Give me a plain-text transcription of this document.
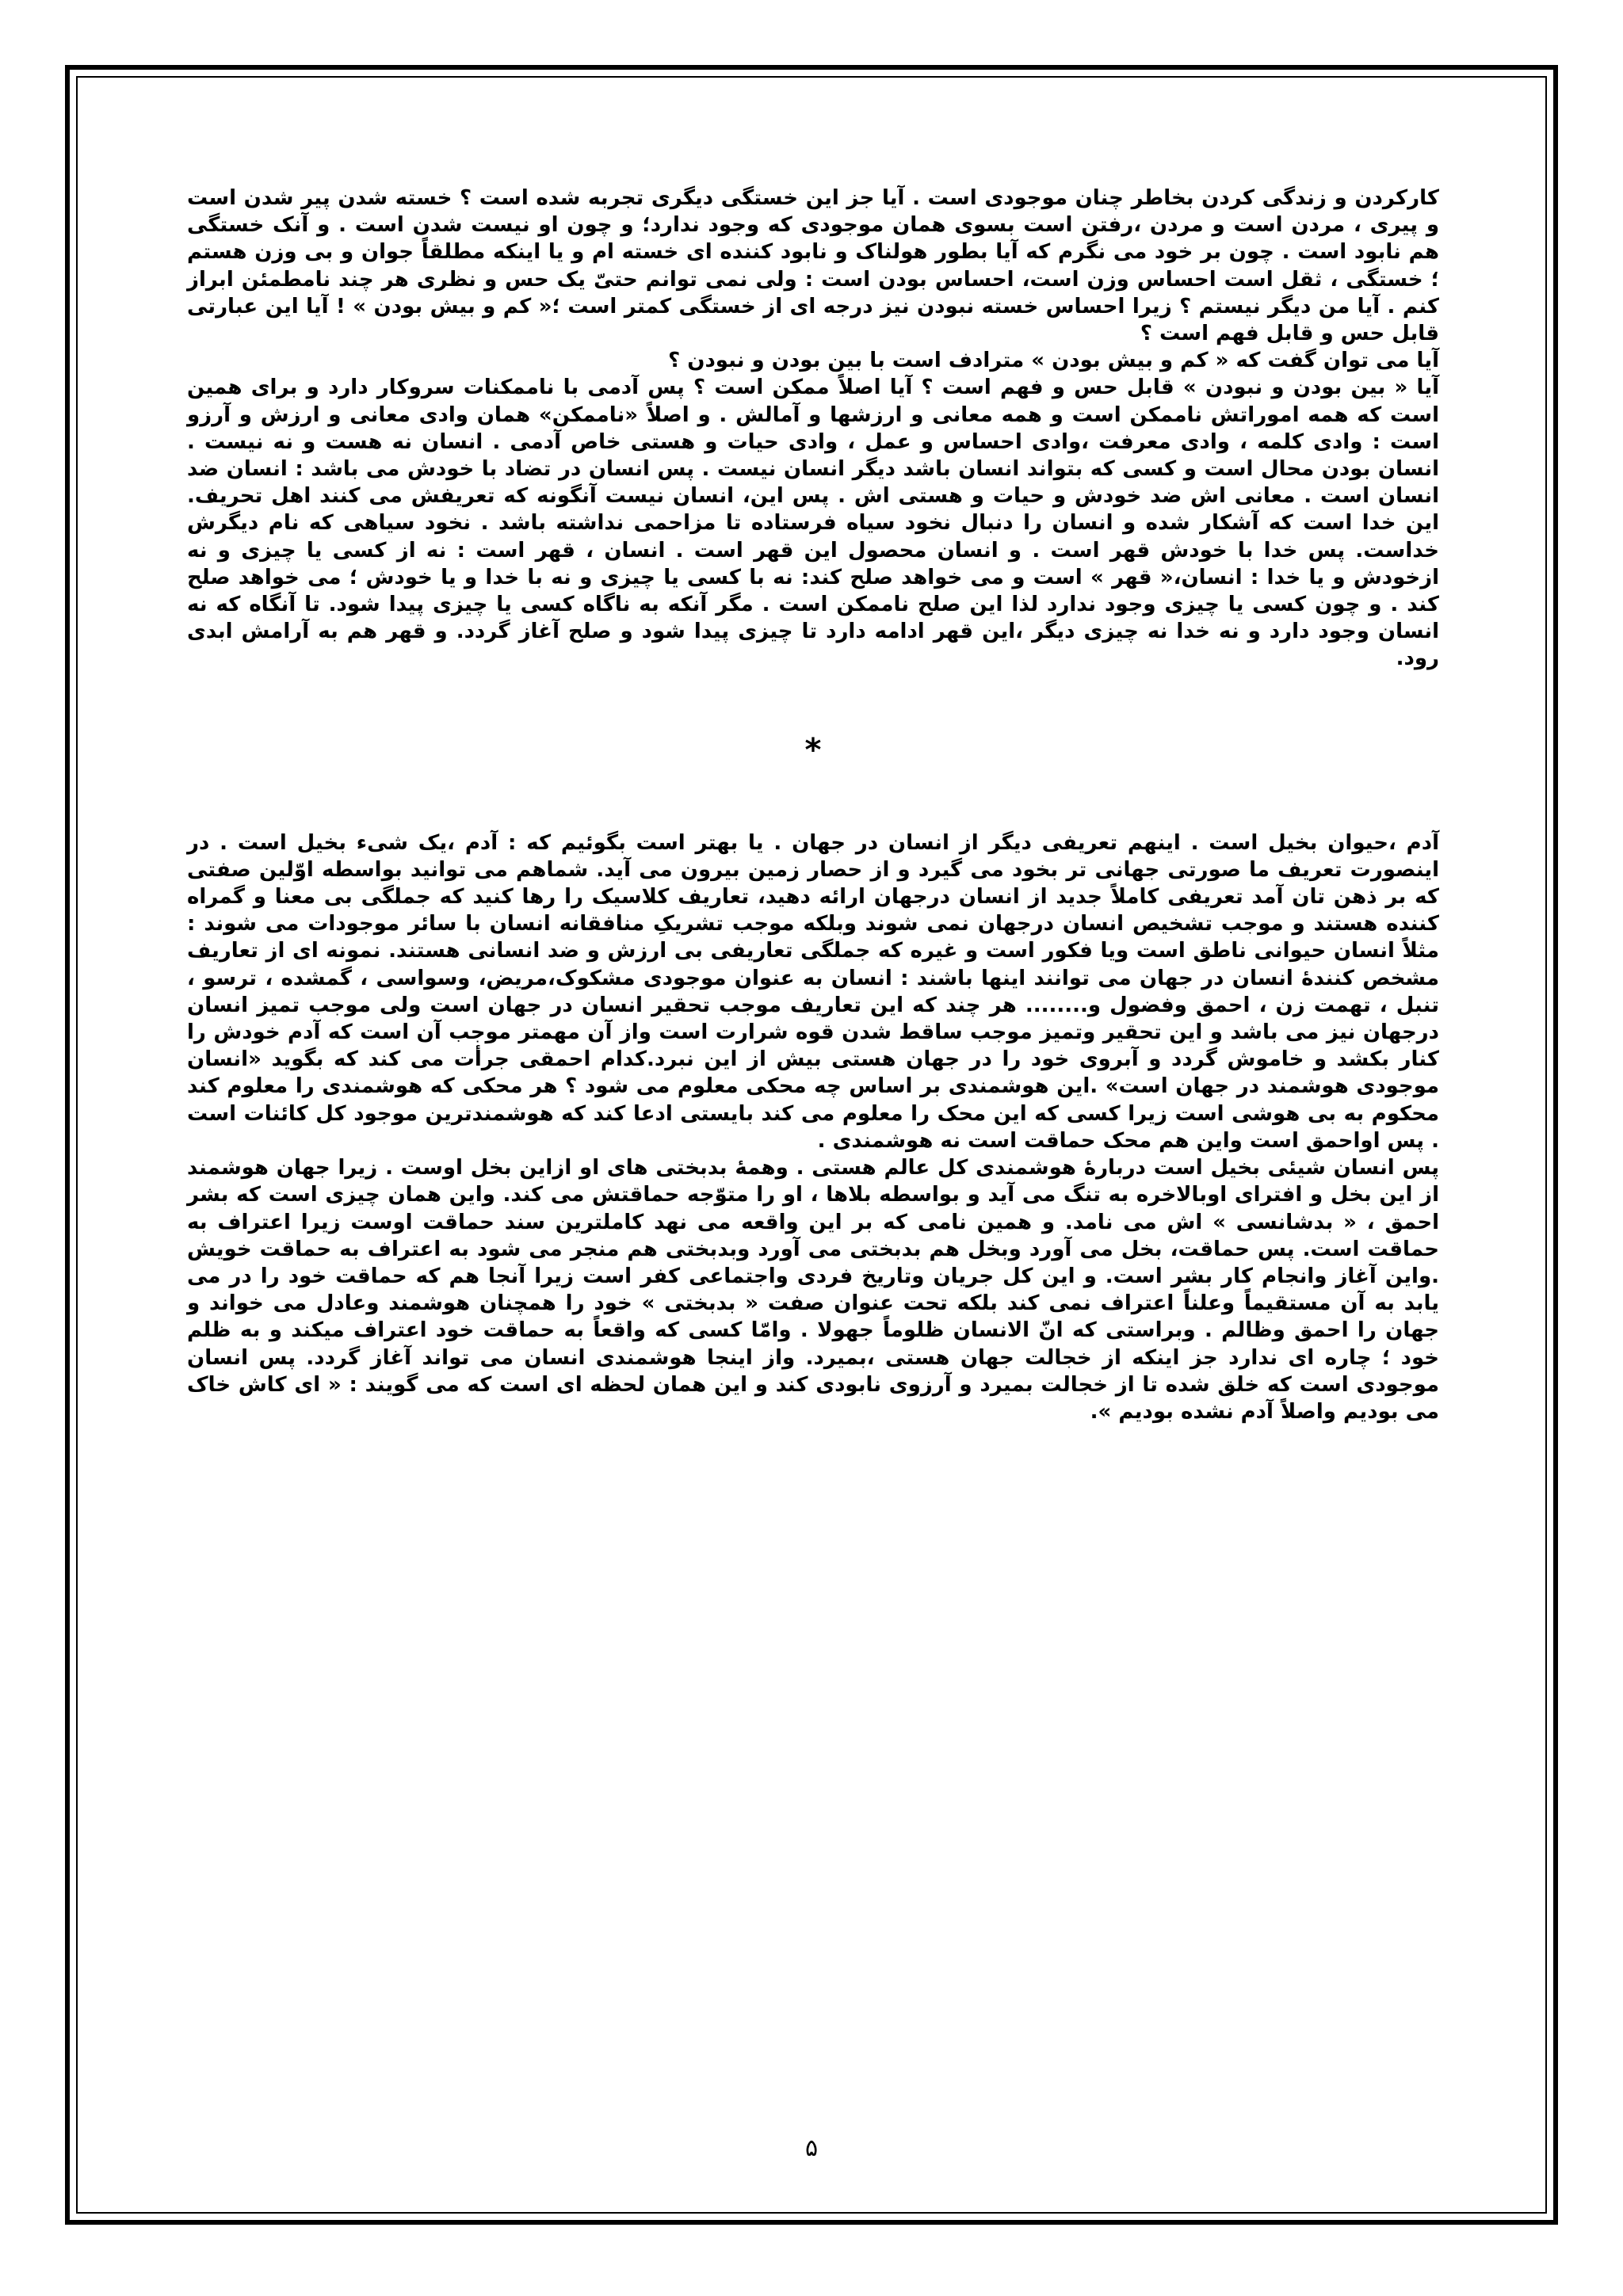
کارکردن و زندگی کردن بخاطر چنان موجودی است . آیا جز این خستگی دیگری تجربه شده است ؟ خسته شدن پیر شدن است و پیری ، مردن است و مردن ،رفتن است بسوی همان موجودی که وجود ندارد؛ و چون او نیست شدن است . و آنک خستگی هم نابود است . چون بر خود می نگرم که آیا بطور هولناک و نابود کننده ای خسته ام و یا اینکه مطلقاً جوان و بی وزن هستم ؛ خستگی ، ثقل است احساس وزن است، احساس بودن است : ولی نمی توانم حتیّ یک حس و نظری هر چند نامطمئن ابراز کنم . آیا من دیگر نیستم ؟ زیرا احساس خسته نبودن نیز درجه ای از خستگی کمتر است ؛« کم و بیش بودن » ! آیا این عبارتی قابل حس و قابل فهم است ؟

آیا می توان گفت که « کم و بیش بودن » مترادف است با بین بودن و نبودن ؟

آیا « بین بودن و نبودن » قابل حس و فهم است ؟ آیا اصلاً ممکن است ؟ پس آدمی با ناممکنات سروکار دارد و برای همین است که همه اموراتش ناممکن است و همه معانی و ارزشها و آمالش . و اصلاً «ناممکن» همان وادی معانی و ارزش و آرزو است : وادی کلمه ، وادی معرفت ،وادی احساس و عمل ، وادی حیات و هستی خاص آدمی . انسان نه هست و نه نیست . انسان بودن محال است و کسی که بتواند انسان باشد دیگر انسان نیست . پس انسان در تضاد با خودش می باشد : انسان ضد انسان است . معانی اش ضد خودش و حیات و هستی اش . پس این، انسان نیست آنگونه که تعریفش می کنند اهل تحریف. این خدا است که آشکار شده و انسان را دنبال نخود سیاه فرستاده تا مزاحمی نداشته باشد . نخود سیاهی که نام دیگرش خداست. پس خدا با خودش قهر است . و انسان محصول این قهر است . انسان ، قهر است : نه از کسی یا چیزی و نه ازخودش و یا خدا : انسان،« قهر » است و می خواهد صلح کند: نه با کسی یا چیزی و نه با خدا و یا خودش ؛ می خواهد صلح کند . و چون کسی یا چیزی وجود ندارد لذا این صلح ناممکن است . مگر آنکه به ناگاه کسی یا چیزی پیدا شود. تا آنگاه که نه انسان وجود دارد و نه خدا نه چیزی دیگر ،این قهر ادامه دارد تا چیزی پیدا شود و صلح آغاز گردد. و قهر هم به آرامش ابدی رود.

*

آدم ،حیوان بخیل است . اینهم تعریفی دیگر از انسان در جهان . یا بهتر است بگوئیم که : آدم ،یک شیء بخیل است . در اینصورت تعریف ما صورتی جهانی تر بخود می گیرد و از حصار زمین بیرون می آید. شماهم می توانید بواسطه اوّلین صفتی که بر ذهن تان آمد تعریفی کاملاً جدید از انسان درجهان ارائه دهید، تعاریف کلاسیک را رها کنید که جملگی بی معنا و گمراه کننده هستند و موجب تشخیص انسان درجهان نمی شوند وبلکه موجب تشریکِ منافقانه انسان با سائر موجودات می شوند : مثلاً انسان حیوانی ناطق است ویا فکور است و غیره که جملگی تعاریفی بی ارزش و ضد انسانی هستند. نمونه ای از تعاریف مشخص کنندهٔ انسان در جهان می توانند اینها باشند : انسان به عنوان موجودی مشکوک،مریض، وسواسی ، گمشده ، ترسو ، تنبل ، تهمت زن ، احمق وفضول و........ هر چند که این تعاریف موجب تحقیر انسان در جهان است ولی موجب تمیز انسان درجهان نیز می باشد و این تحقیر وتمیز موجب ساقط شدن قوه شرارت است واز آن مهمتر موجب آن است که آدم خودش را کنار بکشد و خاموش گردد و آبروی خود را در جهان هستی بیش از این نبرد.کدام احمقی جرأت می کند که بگوید «انسان موجودی هوشمند در جهان است» .این هوشمندی بر اساس چه محکی معلوم می شود ؟ هر محکی که هوشمندی را معلوم کند محکوم به بی هوشی است زیرا کسی که این محک را معلوم می کند بایستی ادعا کند که هوشمندترین موجود کل کائنات است . پس اواحمق است واین هم محک حماقت است نه هوشمندی .

پس انسان شیئی بخیل است دربارهٔ هوشمندی کل عالم هستی . وهمهٔ بدبختی های او ازاین بخل اوست . زیرا جهان هوشمند از این بخل و افترای اوبالاخره به تنگ می آید و بواسطه بلاها ، او را متوّجه حماقتش می کند. واین همان چیزی است که بشر احمق ، « بدشانسی » اش می نامد. و همین نامی که بر این واقعه می نهد کاملترین سند حماقت اوست زیرا اعتراف به حماقت است. پس حماقت، بخل می آورد وبخل هم بدبختی می آورد وبدبختی هم منجر می شود به اعتراف به حماقت خویش .واین آغاز وانجام کار بشر است. و این کل جریان وتاریخ فردی واجتماعی کفر است زیرا آنجا هم که حماقت خود را در می یابد به آن مستقیماً وعلناً اعتراف نمی کند بلکه تحت عنوان صفت « بدبختی » خود را همچنان هوشمند وعادل می خواند و جهان را احمق وظالم . وبراستی که انّ الانسان ظلوماً جهولا . وامّا کسی که واقعاً به حماقت خود اعتراف میکند و به ظلم خود ؛ چاره ای ندارد جز اینکه از خجالت جهان هستی ،بمیرد. واز اینجا هوشمندی انسان می تواند آغاز گردد. پس انسان موجودی است که خلق شده تا از خجالت بمیرد و آرزوی نابودی کند و این همان لحظه ای است که می گویند : « ای کاش خاک می بودیم واصلاً آدم نشده بودیم ».

۵
